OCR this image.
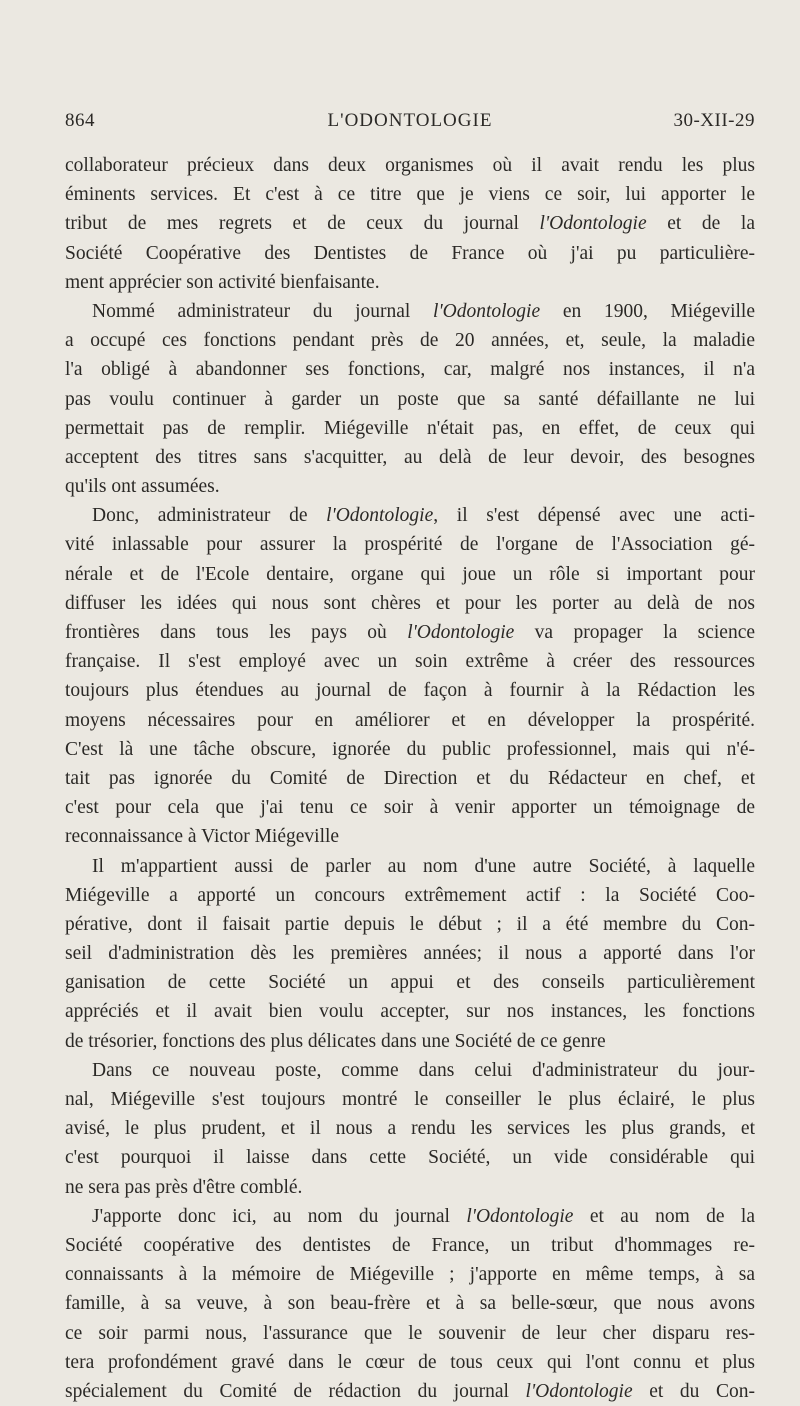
864	L'ODONTOLOGIE	30-XII-29
collaborateur précieux dans deux organismes où il avait rendu les plus
éminents services. Et c'est à ce titre que je viens ce soir, lui apporter le
tribut de mes regrets et de ceux du journal l'Odontologie et de la
Société Coopérative des Dentistes de France où j'ai pu particulière-
ment apprécier son activité bienfaisante.
Nommé administrateur du journal l'Odontologie en 1900, Miégeville
a occupé ces fonctions pendant près de 20 années, et, seule, la maladie
l'a obligé à abandonner ses fonctions, car, malgré nos instances, il n'a
pas voulu continuer à garder un poste que sa santé défaillante ne lui
permettait pas de remplir. Miégeville n'était pas, en effet, de ceux qui
acceptent des titres sans s'acquitter, au delà de leur devoir, des besognes
qu'ils ont assumées.
Donc, administrateur de l'Odontologie, il s'est dépensé avec une acti-
vité inlassable pour assurer la prospérité de l'organe de l'Association gé-
nérale et de l'Ecole dentaire, organe qui joue un rôle si important pour
diffuser les idées qui nous sont chères et pour les porter au delà de nos
frontières dans tous les pays où l'Odontologie va propager la science
française. Il s'est employé avec un soin extrême à créer des ressources
toujours plus étendues au journal de façon à fournir à la Rédaction les
moyens nécessaires pour en améliorer et en développer la prospérité.
C'est là une tâche obscure, ignorée du public professionnel, mais qui n'é-
tait pas ignorée du Comité de Direction et du Rédacteur en chef, et
c'est pour cela que j'ai tenu ce soir à venir apporter un témoignage de
reconnaissance à Victor Miégeville
Il m'appartient aussi de parler au nom d'une autre Société, à laquelle
Miégeville a apporté un concours extrêmement actif : la Société Coo-
pérative, dont il faisait partie depuis le début ; il a été membre du Con-
seil d'administration dès les premières années; il nous a apporté dans l'or
ganisation de cette Société un appui et des conseils particulièrement
appréciés et il avait bien voulu accepter, sur nos instances, les fonctions
de trésorier, fonctions des plus délicates dans une Société de ce genre
Dans ce nouveau poste, comme dans celui d'administrateur du jour-
nal, Miégeville s'est toujours montré le conseiller le plus éclairé, le plus
avisé, le plus prudent, et il nous a rendu les services les plus grands, et
c'est pourquoi il laisse dans cette Société, un vide considérable qui
ne sera pas près d'être comblé.
J'apporte donc ici, au nom du journal l'Odontologie et au nom de la
Société coopérative des dentistes de France, un tribut d'hommages re-
connaissants à la mémoire de Miégeville ; j'apporte en même temps, à sa
famille, à sa veuve, à son beau-frère et à sa belle-sœur, que nous avons
ce soir parmi nous, l'assurance que le souvenir de leur cher disparu res-
tera profondément gravé dans le cœur de tous ceux qui l'ont connu et plus
spécialement du Comité de rédaction du journal l'Odontologie et du Con-
